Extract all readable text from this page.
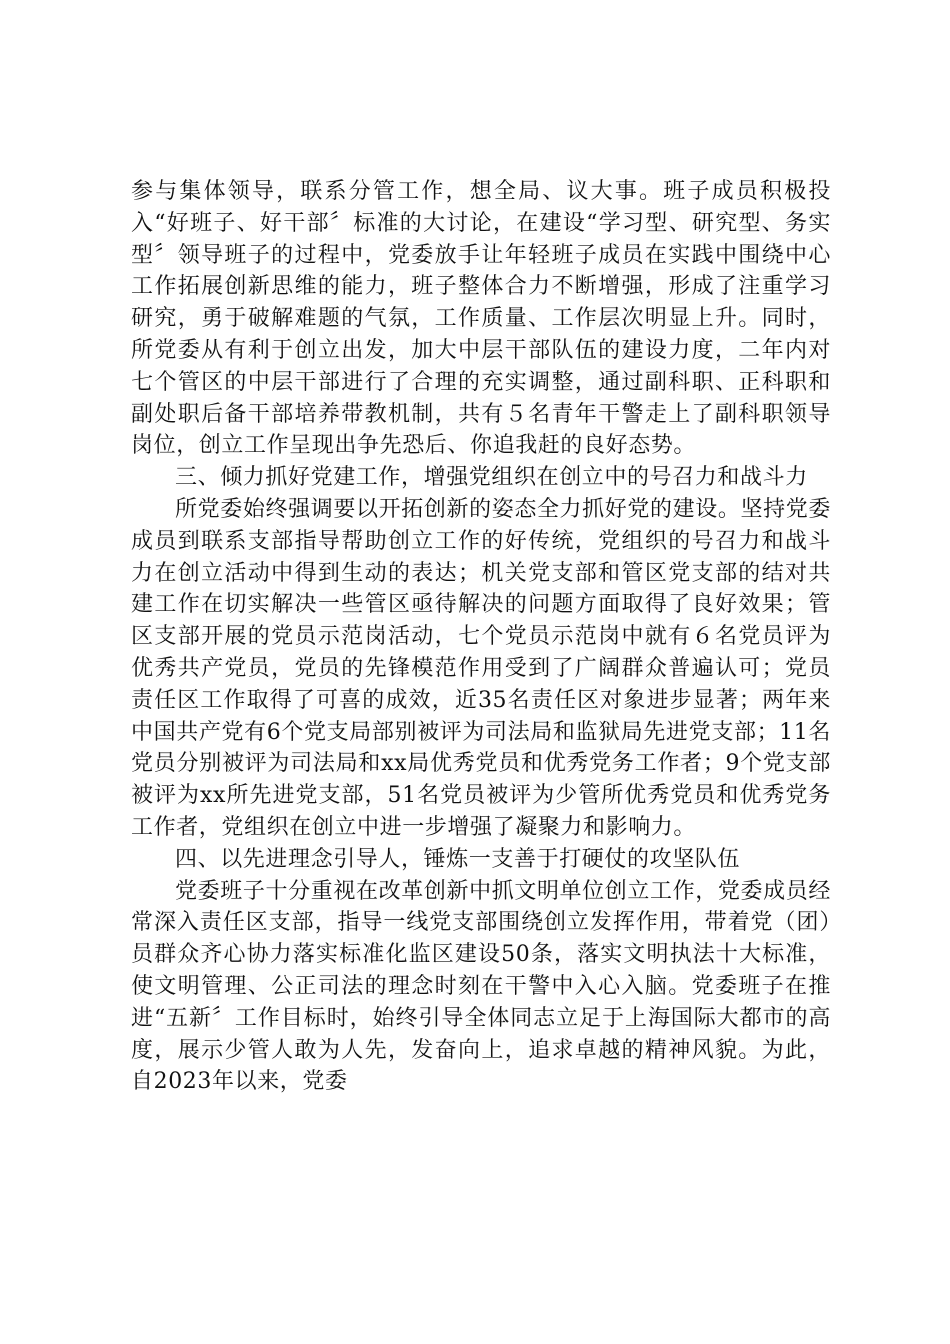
参与集体领导，联系分管工作，想全局、议大事。班子成员积极投入“好班子、好干部〞标准的大讨论，在建设“学习型、研究型、务实型〞领导班子的过程中，党委放手让年轻班子成员在实践中围绕中心工作拓展创新思维的能力，班子整体合力不断增强，形成了注重学习研究，勇于破解难题的气氛，工作质量、工作层次明显上升。同时，所党委从有利于创立出发，加大中层干部队伍的建设力度，二年内对七个管区的中层干部进行了合理的充实调整，通过副科职、正科职和副处职后备干部培养带教机制，共有５名青年干警走上了副科职领导岗位，创立工作呈现出争先恐后、你追我赶的良好态势。

三、倾力抓好党建工作，增强党组织在创立中的号召力和战斗力

所党委始终强调要以开拓创新的姿态全力抓好党的建设。坚持党委成员到联系支部指导帮助创立工作的好传统，党组织的号召力和战斗力在创立活动中得到生动的表达；机关党支部和管区党支部的结对共建工作在切实解决一些管区亟待解决的问题方面取得了良好效果；管区支部开展的党员示范岗活动，七个党员示范岗中就有６名党员评为优秀共产党员，党员的先锋模范作用受到了广阔群众普遍认可；党员责任区工作取得了可喜的成效，近35名责任区对象进步显著；两年来中国共产党有6个党支局部别被评为司法局和监狱局先进党支部；11名党员分别被评为司法局和xx局优秀党员和优秀党务工作者；9个党支部被评为xx所先进党支部，51名党员被评为少管所优秀党员和优秀党务工作者，党组织在创立中进一步增强了凝聚力和影响力。

四、以先进理念引导人，锤炼一支善于打硬仗的攻坚队伍

党委班子十分重视在改革创新中抓文明单位创立工作，党委成员经常深入责任区支部，指导一线党支部围绕创立发挥作用，带着党（团）员群众齐心协力落实标准化监区建设50条，落实文明执法十大标准，使文明管理、公正司法的理念时刻在干警中入心入脑。党委班子在推进“五新〞工作目标时，始终引导全体同志立足于上海国际大都市的高度，展示少管人敢为人先，发奋向上，追求卓越的精神风貌。为此，自2023年以来，党委
